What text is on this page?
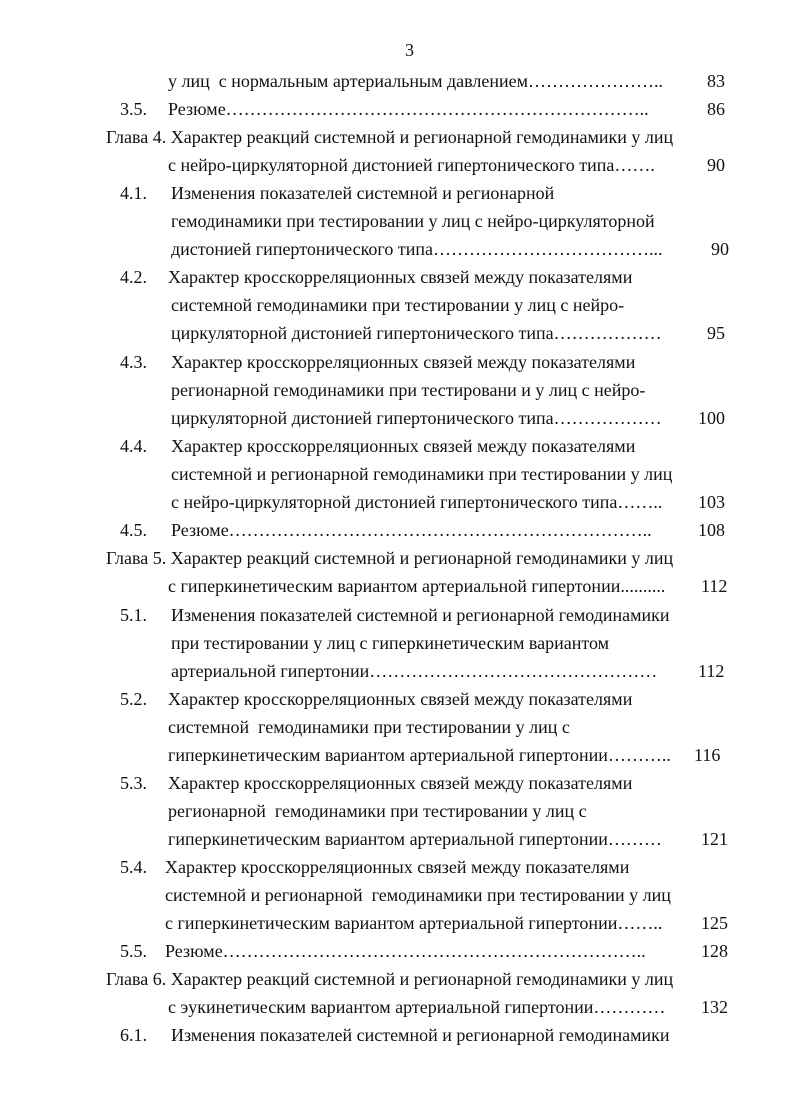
3
у лиц  с нормальным артериальным давлением………………….. 83
3.5. Резюме……………………………………………………………..	86
Глава 4. Характер реакций системной и регионарной гемодинамики у лиц
с нейро-циркуляторной дистонией гипертонического типа…….	90
4.1. Изменения показателей системной и регионарной
гемодинамики при тестировании у лиц с нейро-циркуляторной
дистонией гипертонического типа………………………………...	90
4.2. Характер кросскорреляционных связей между показателями
системной гемодинамики при тестировании у лиц с нейро-
циркуляторной дистонией гипертонического типа………………	95
4.3. Характер кросскорреляционных связей между показателями
регионарной гемодинамики при тестировани и у лиц с нейро-
циркуляторной дистонией гипертонического типа……………… 100
4.4. Характер кросскорреляционных связей между показателями
системной и регионарной гемодинамики при тестировании у лиц
с нейро-циркуляторной дистонией гипертонического типа…….. 103
4.5. Резюме……………………………………………………………..	108
Глава 5. Характер реакций системной и регионарной гемодинамики у лиц
с гиперкинетическим вариантом артериальной гипертонии.......... 112
5.1. Изменения показателей системной и регионарной гемодинамики
при тестировании у лиц с гиперкинетическим вариантом
артериальной гипертонии………………………………………… 112
5.2. Характер кросскорреляционных связей между показателями
системной  гемодинамики при тестировании у лиц с
гиперкинетическим вариантом артериальной гипертонии……….. 116
5.3. Характер кросскорреляционных связей между показателями
регионарной  гемодинамики при тестировании у лиц с
гиперкинетическим вариантом артериальной гипертонии……… 121
5.4. Характер кросскорреляционных связей между показателями
системной и регионарной  гемодинамики при тестировании у лиц
с гиперкинетическим вариантом артериальной гипертонии…….. 125
5.5. Резюме……………………………………………………………..	128
Глава 6. Характер реакций системной и регионарной гемодинамики у лиц
с эукинетическим вариантом артериальной гипертонии………… 132
6.1. Изменения показателей системной и регионарной гемодинамики
